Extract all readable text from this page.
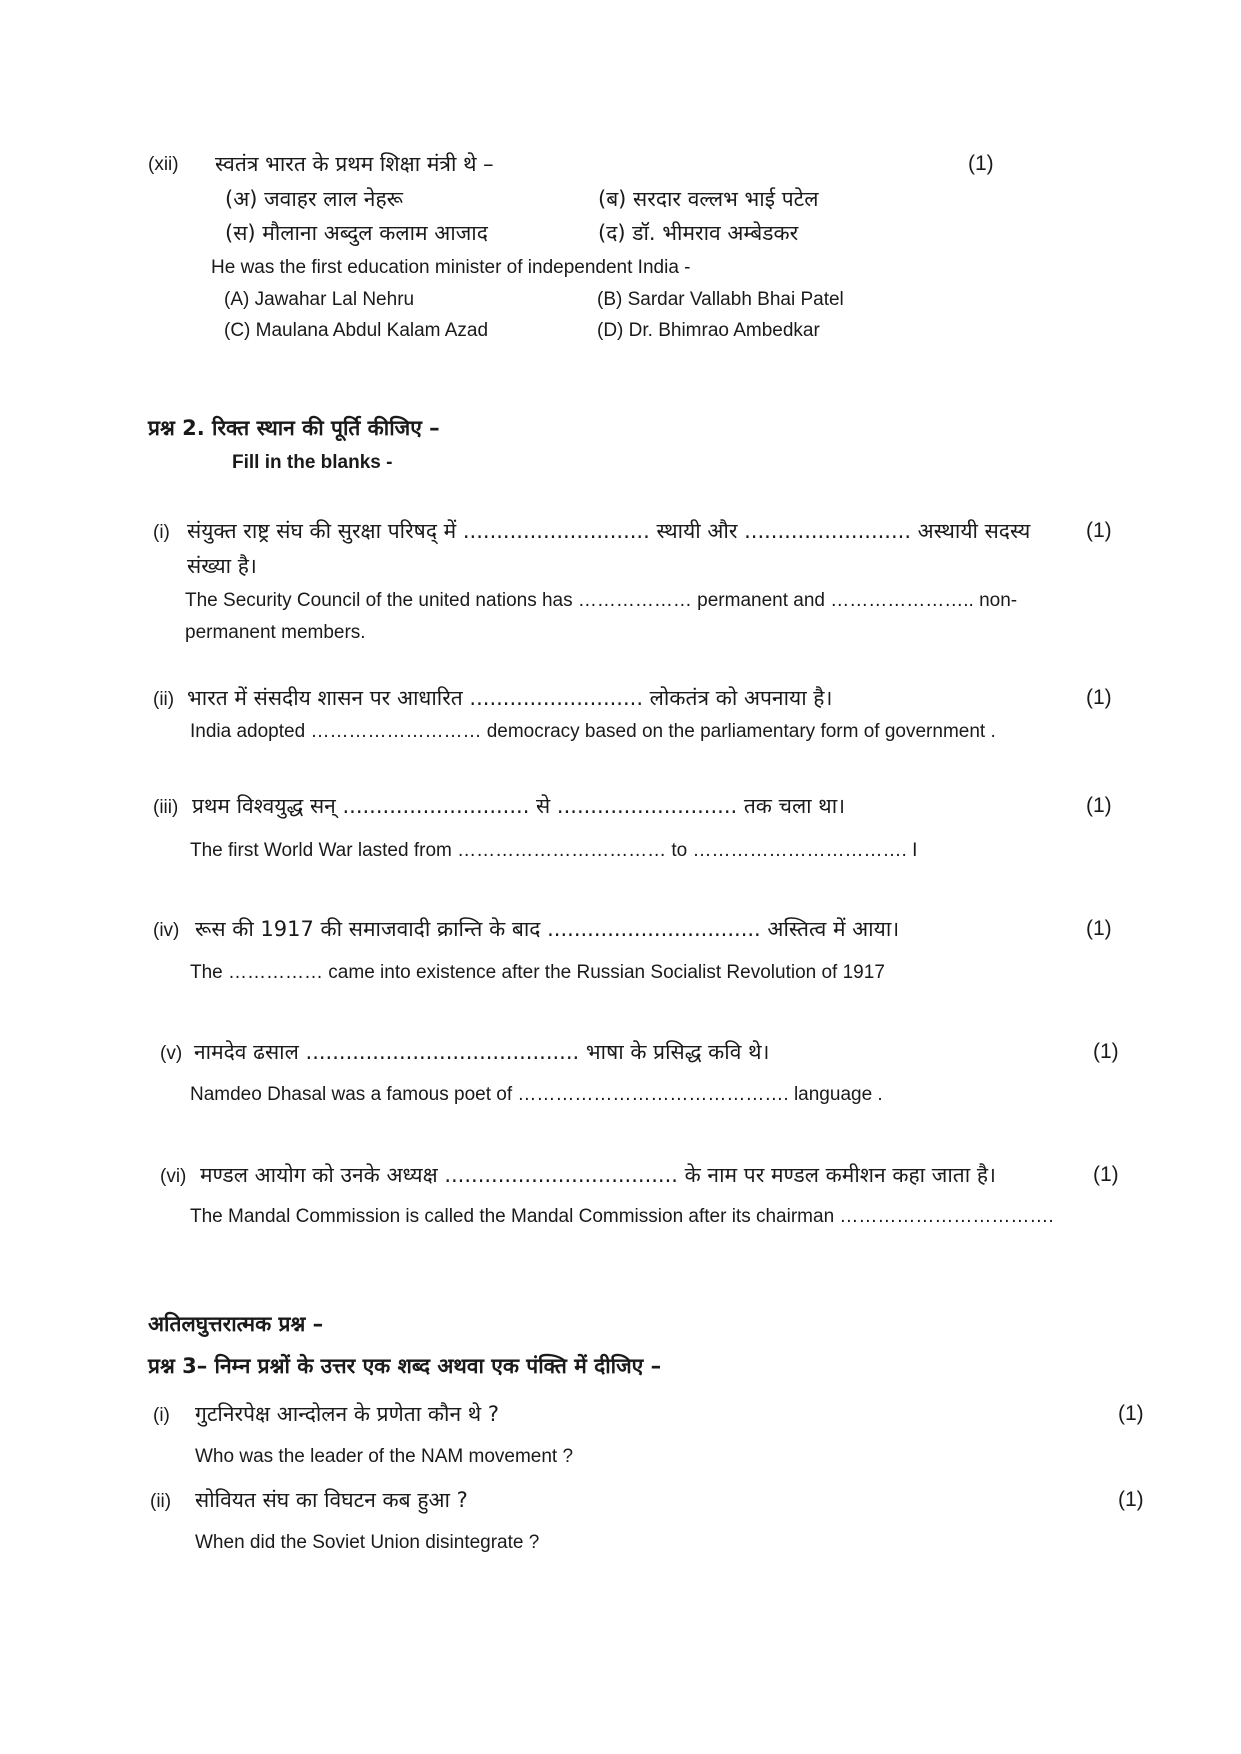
(xii) स्वतंत्र भारत के प्रथम शिक्षा मंत्री थे –	(1)
(अ) जवाहर लाल नेहरू	(ब) सरदार वल्लभ भाई पटेल
(स) मौलाना अब्दुल कलाम आजाद	(द) डॉ. भीमराव अम्बेडकर
He was the first education minister of independent India -
(A) Jawahar Lal Nehru	(B) Sardar Vallabh Bhai Patel
(C) Maulana Abdul Kalam Azad	(D) Dr. Bhimrao Ambedkar
प्रश्न 2. रिक्त स्थान की पूर्ति कीजिए –
Fill in the blanks -
(i) संयुक्त राष्ट्र संघ की सुरक्षा परिषद् में ............................ स्थायी और ......................... अस्थायी सदस्य	(1)
संख्या है।
The Security Council of the united nations has ……………… permanent and ………………….. non-
permanent members.
(ii) भारत में संसदीय शासन पर आधारित .......................... लोकतंत्र को अपनाया है।	(1)
India adopted ……………………… democracy based on the parliamentary form of government .
(iii) प्रथम विश्वयुद्ध सन् ............................ से ........................... तक चला था।	(1)
The first World War lasted from …………………………… to ……………………………. I
(iv) रूस की 1917 की समाजवादी क्रान्ति के बाद ................................ अस्तित्व में आया।	(1)
The …………… came into existence after the Russian Socialist Revolution of 1917
(v) नामदेव ढसाल ......................................... भाषा के प्रसिद्ध कवि थे।	(1)
Namdeo Dhasal was a famous poet of ……………………………………. language .
(vi) मण्डल आयोग को उनके अध्यक्ष ................................... के नाम पर मण्डल कमीशन कहा जाता है।	(1)
The Mandal Commission is called the Mandal Commission after its chairman …………………………….
अतिलघुत्तरात्मक प्रश्न –
प्रश्न 3– निम्न प्रश्नों के उत्तर एक शब्द अथवा एक पंक्ति में दीजिए –
(i) गुटनिरपेक्ष आन्दोलन के प्रणेता कौन थे ?	(1)
Who was the leader of the NAM movement ?
(ii) सोवियत संघ का विघटन कब हुआ ?	(1)
When did the Soviet Union disintegrate ?
